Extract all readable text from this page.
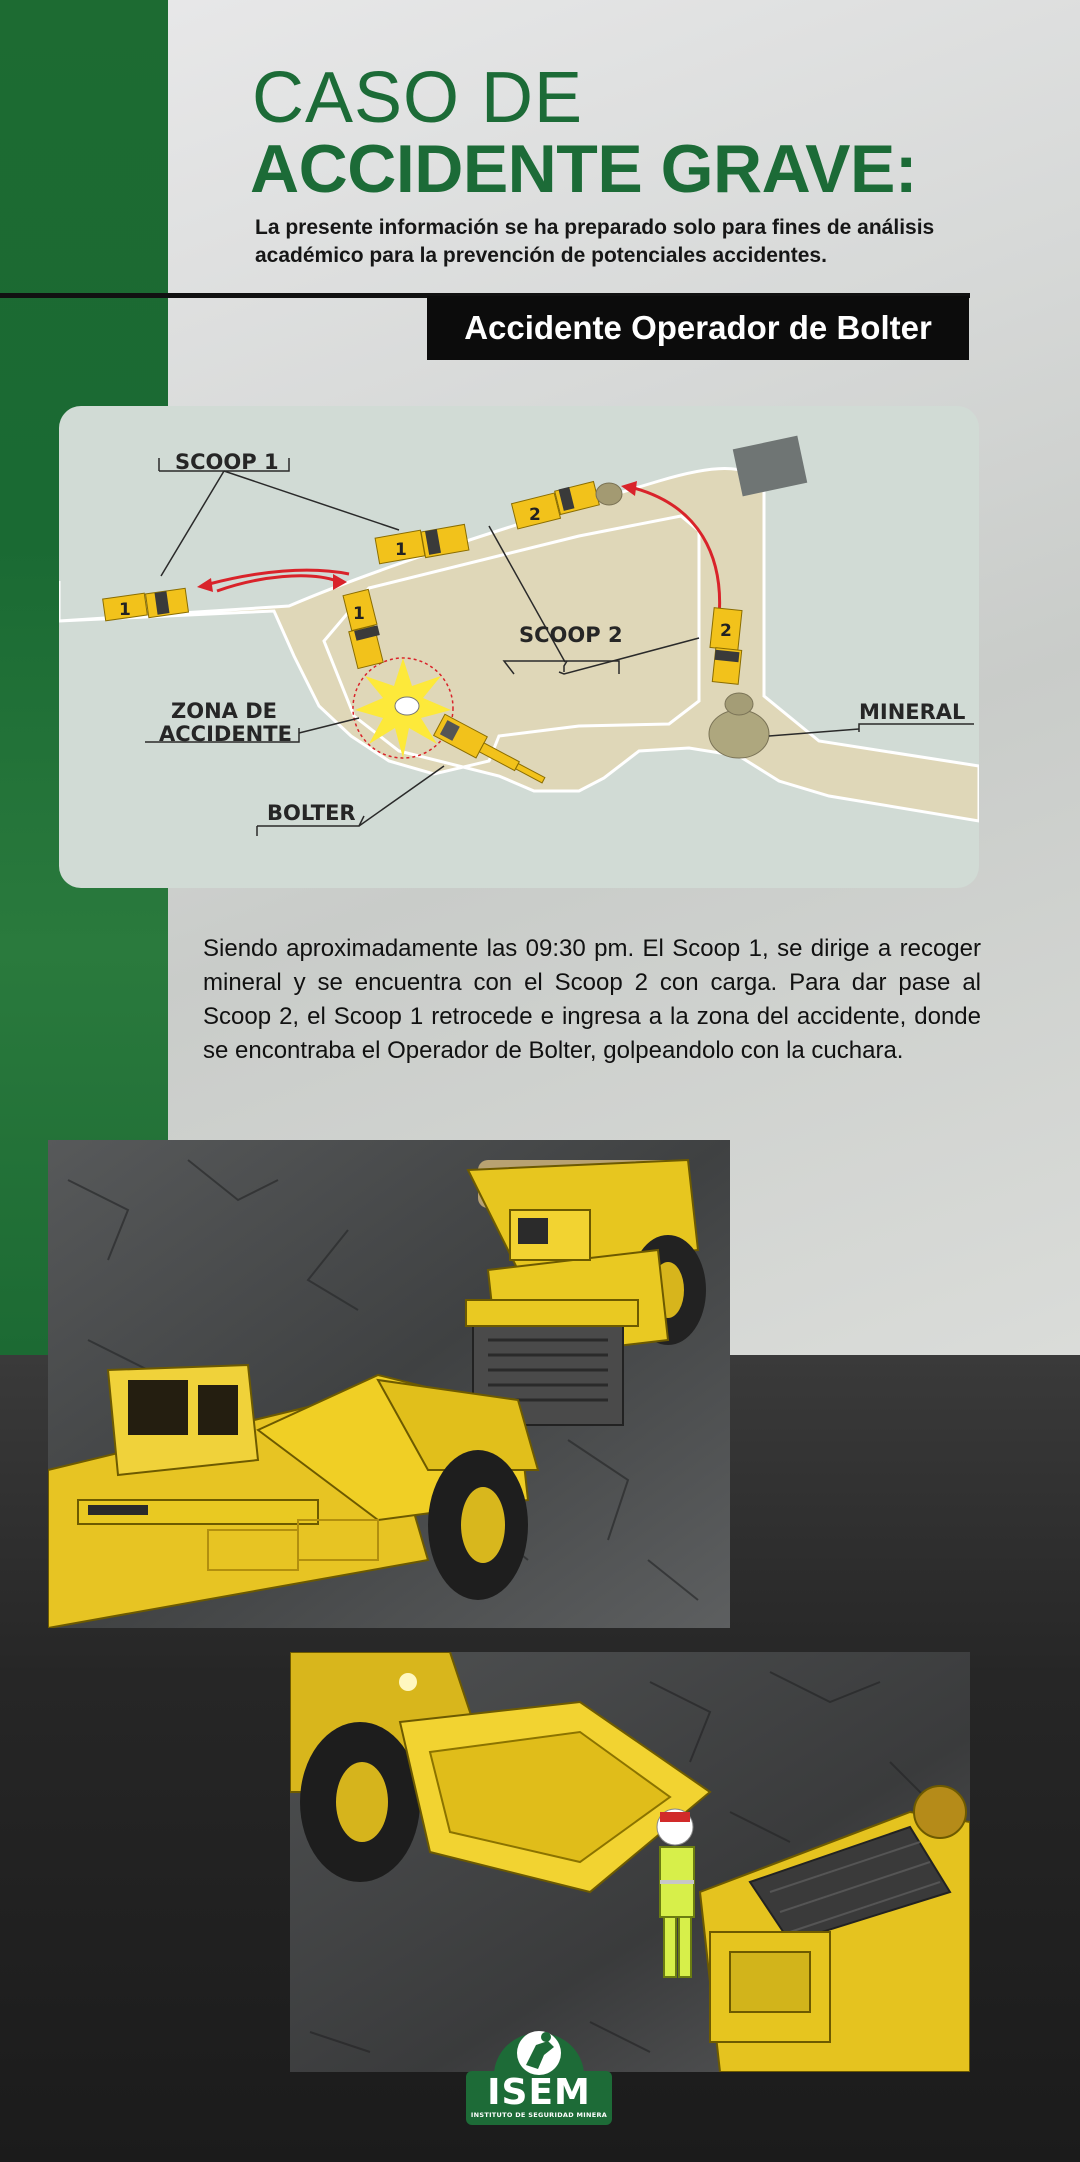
CASO DE
ACCIDENTE GRAVE:

La presente información se ha preparado solo para fines de análisis académico para la prevención de potenciales accidentes.

Accidente Operador de Bolter
1
1
1
2
2
SCOOP 1
SCOOP 2
ZONA DE
ACCIDENTE
BOLTER
MINERAL

Siendo aproximadamente las 09:30 pm. El Scoop 1, se dirige a recoger mineral y se encuentra con el Scoop 2 con carga. Para dar pase al Scoop 2, el Scoop 1 retrocede e ingresa a la zona del accidente, donde se encontraba el Operador de Bolter, golpeandolo con la cuchara.

ISEM
INSTITUTO DE SEGURIDAD MINERA
